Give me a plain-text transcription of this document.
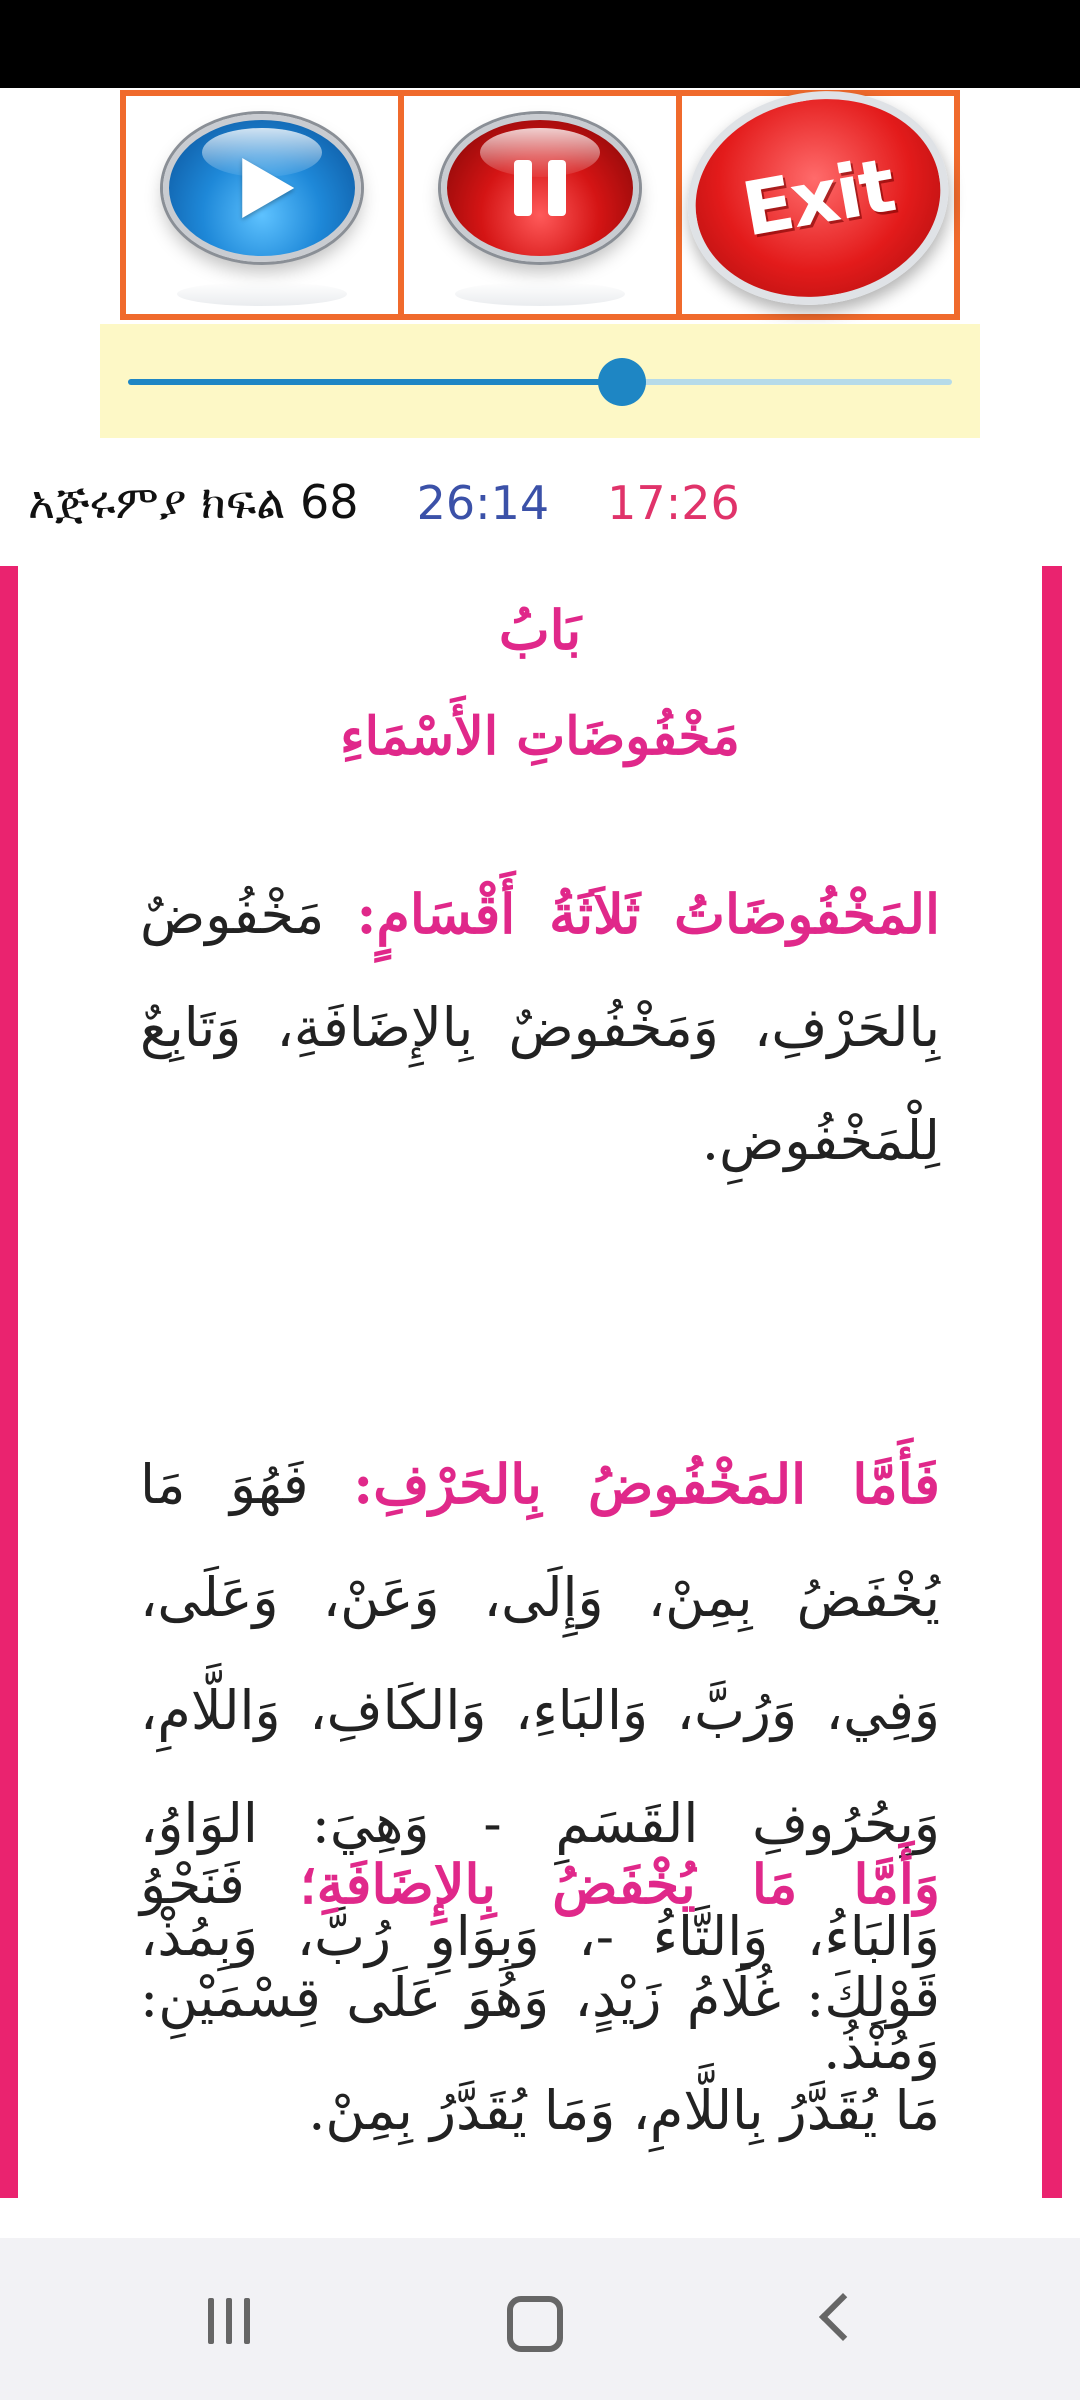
Exit
አጅሩምያ ክፍል 68 26:14 17:26
بَابُ
مَخْفُوضَاتِ الأَسْمَاءِ
المَخْفُوضَاتُ ثَلاَثَةُ أَقْسَامٍ: مَخْفُوضٌ بِالحَرْفِ، وَمَخْفُوضٌ بِالإِضَافَةِ، وَتَابِعٌ لِلْمَخْفُوضِ.
فَأَمَّا المَخْفُوضُ بِالحَرْفِ: فَهُوَ مَا يُخْفَضُ بِمِنْ، وَإِلَى، وَعَنْ، وَعَلَى، وَفِي، وَرُبَّ، وَالبَاءِ، وَالكَافِ، وَاللَّامِ، وَبِحُرُوفِ القَسَمِ - وَهِيَ: الوَاوُ، وَالبَاءُ، وَالتَّاءُ -، وَبِوَاوِ رُبَّ، وَبِمُذْ، وَمُنْذُ.
وَأَمَّا مَا يُخْفَضُ بِالإِضَافَةِ؛ فَنَحْوُ قَوْلِكَ: غُلَامُ زَيْدٍ، وَهُوَ عَلَى قِسْمَيْنِ: مَا يُقَدَّرُ بِاللَّامِ، وَمَا يُقَدَّرُ بِمِنْ.
